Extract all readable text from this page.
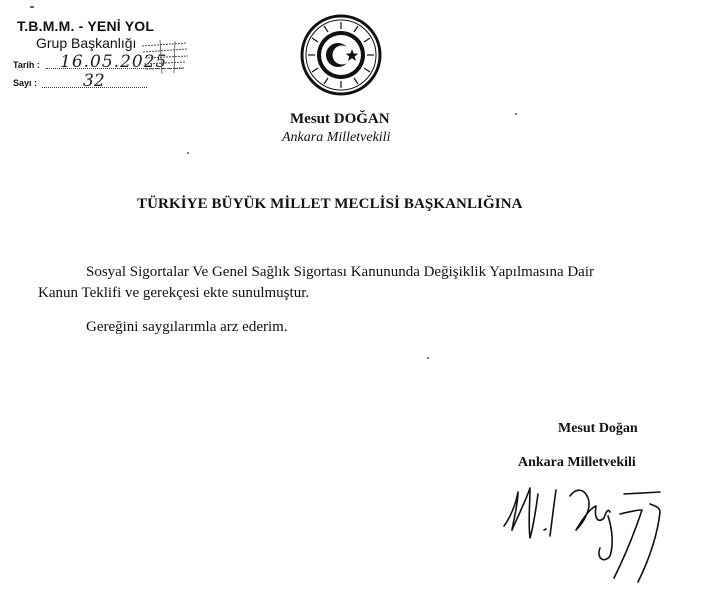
T.B.M.M. - YENİ YOL
Grup Başkanlığı
Tarih : 16.05.2025
Sayı :	32
Mesut DOĞAN
Ankara Milletvekili
TÜRKİYE BÜYÜK MİLLET MECLİSİ BAŞKANLIĞINA
Sosyal Sigortalar Ve Genel Sağlık Sigortası Kanununda Değişiklik Yapılmasına Dair
Kanun Teklifi ve gerekçesi ekte sunulmuştur.
Gereğini saygılarımla arz ederim.
Mesut Doğan
Ankara Milletvekili
